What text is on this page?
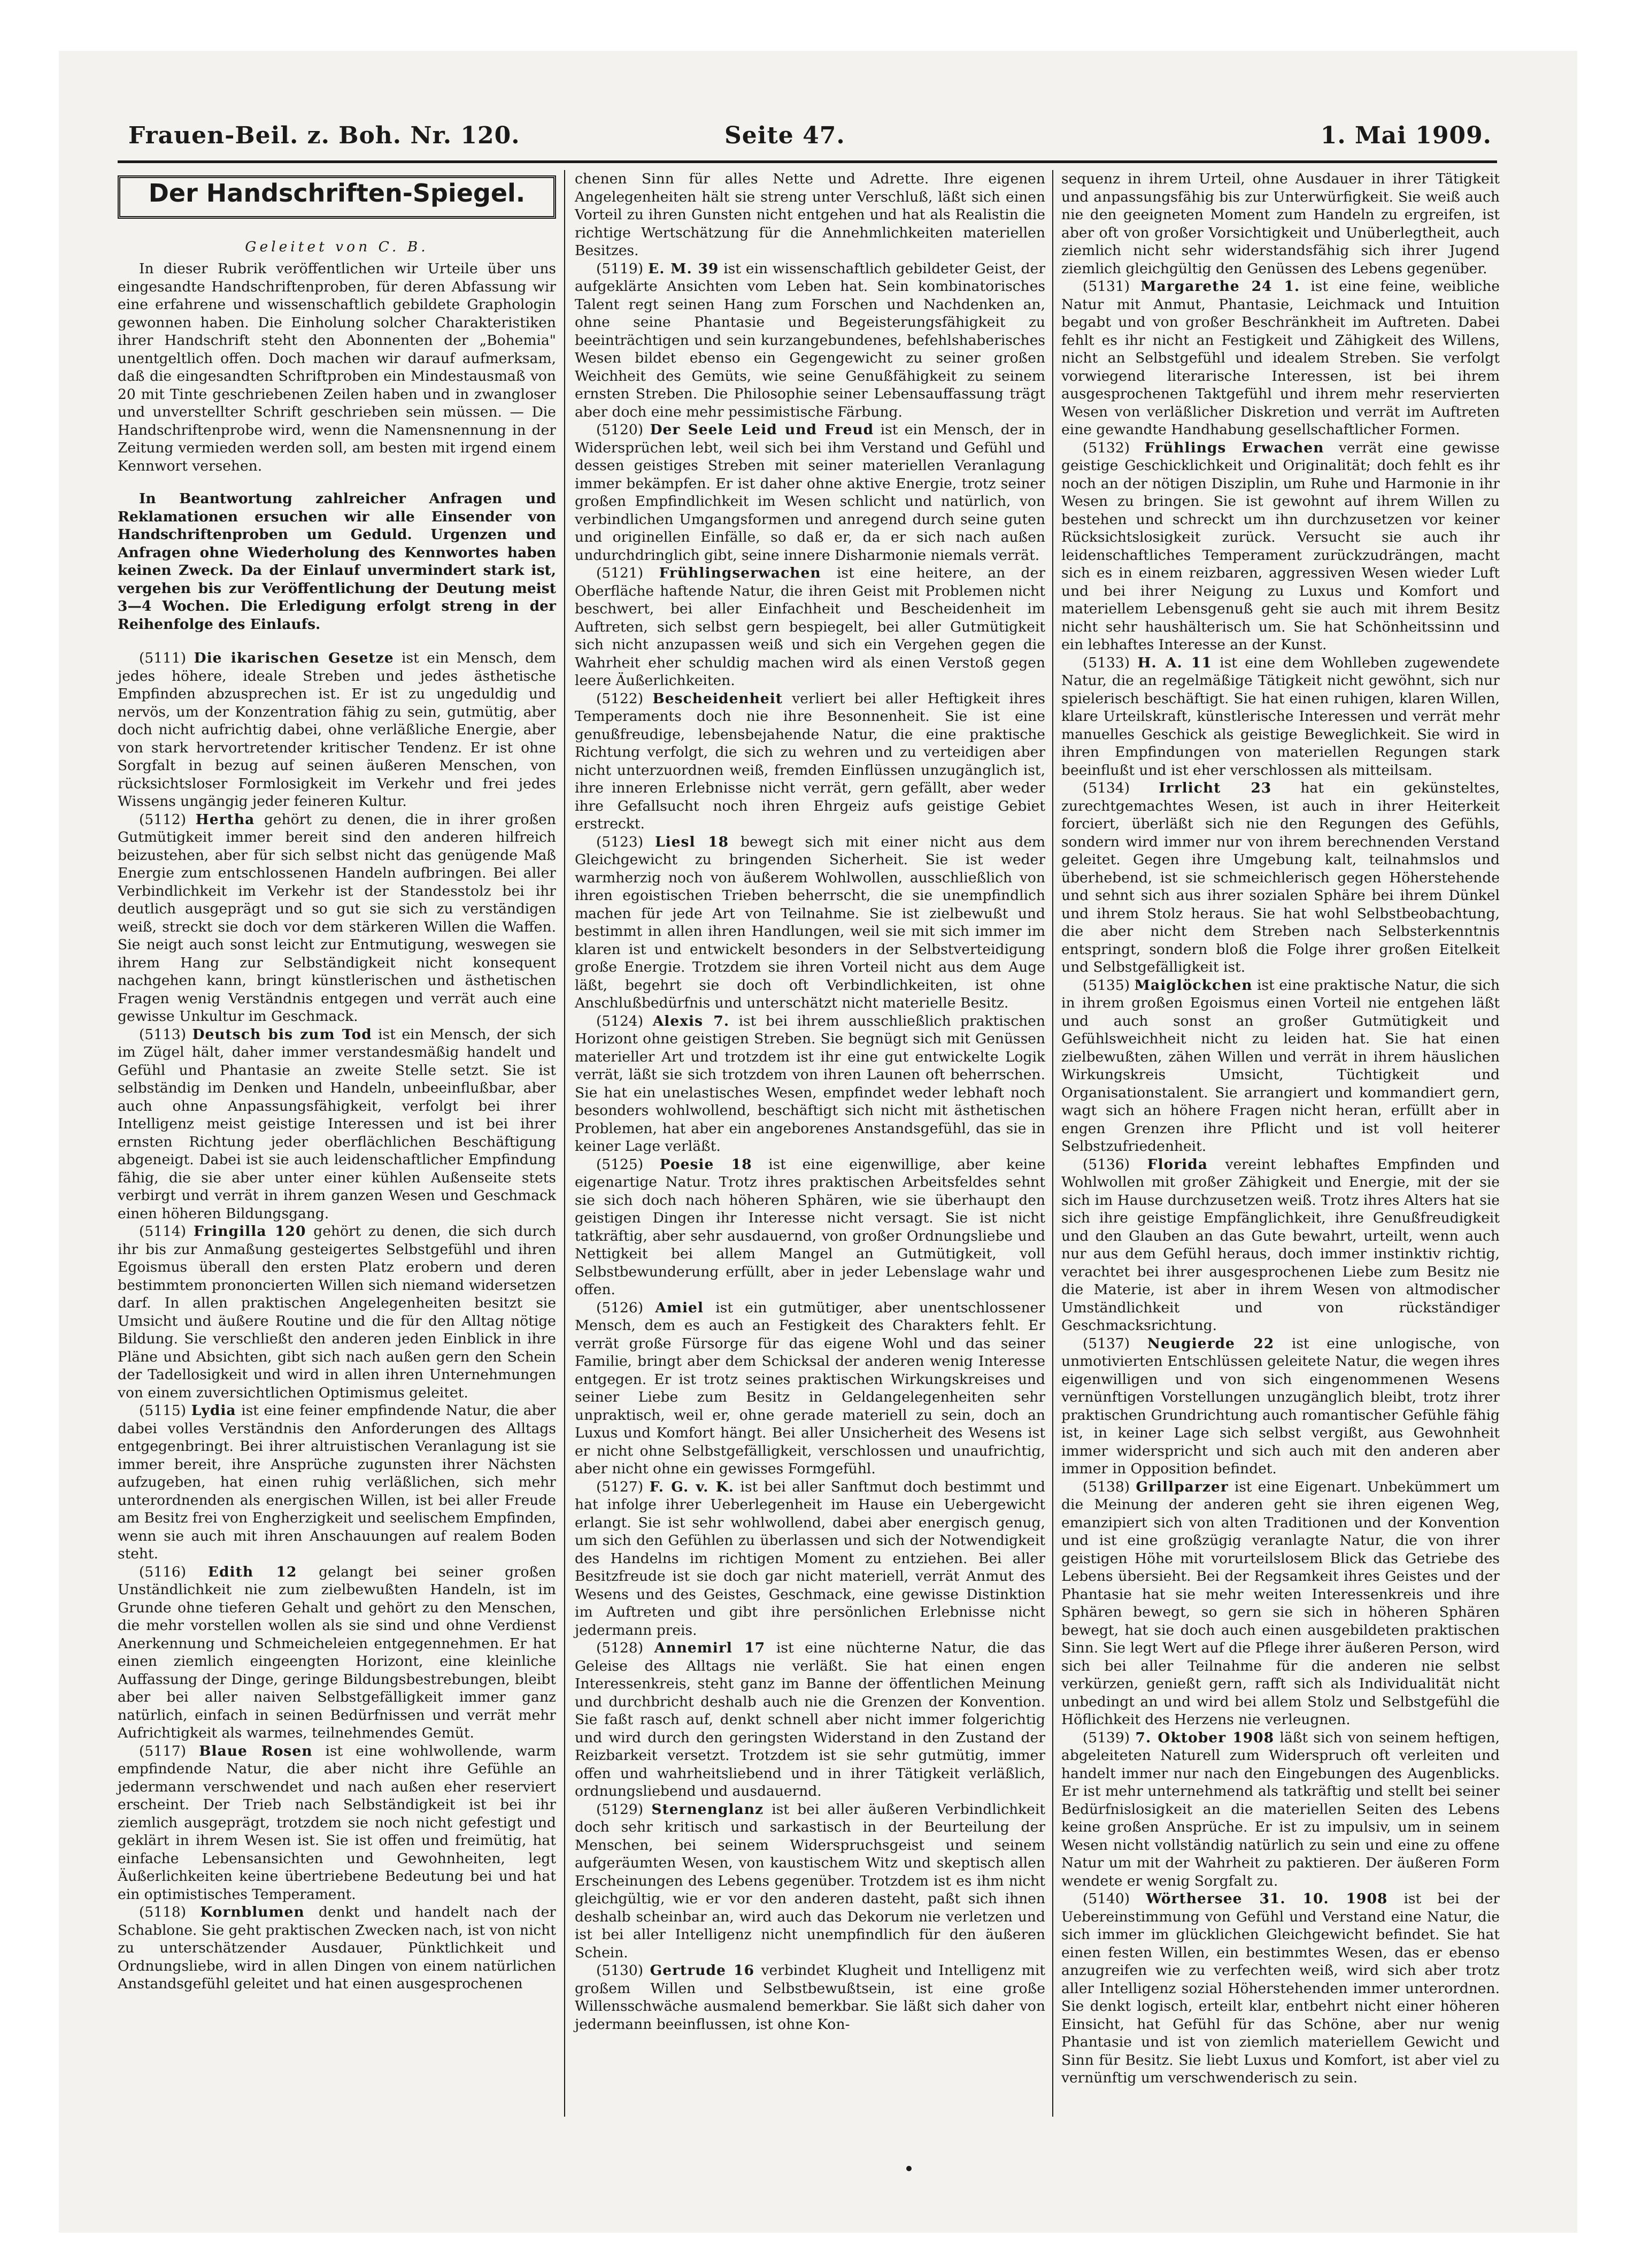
Frauen-Beil. z. Boh. Nr. 120.	Seite 47.	1. Mai 1909.
Der Handschriften-Spiegel.

Geleitet von C. B.

In dieser Rubrik veröffentlichen wir Urteile über uns eingesandte Handschriftenproben, für deren Abfassung wir eine erfahrene und wissenschaftlich gebildete Graphologin gewonnen haben. Die Einholung solcher Charakteristiken ihrer Handschrift steht den Abonnenten der „Bohemia" unentgeltlich offen. Doch machen wir darauf aufmerksam, daß die eingesandten Schriftproben ein Mindestausmaß von 20 mit Tinte geschriebenen Zeilen haben und in zwangloser und unverstellter Schrift geschrieben sein müssen. — Die Handschriftenprobe wird, wenn die Namensnennung in der Zeitung vermieden werden soll, am besten mit irgend einem Kennwort versehen.

In Beantwortung zahlreicher Anfragen und Reklamationen ersuchen wir alle Einsender von Handschriftenproben um Geduld. Urgenzen und Anfragen ohne Wiederholung des Kennwortes haben keinen Zweck. Da der Einlauf unvermindert stark ist, vergehen bis zur Veröffentlichung der Deutung meist 3—4 Wochen. Die Erledigung erfolgt streng in der Reihenfolge des Einlaufs.

(5111) Die ikarischen Gesetze ist ein Mensch, dem jedes höhere, ideale Streben und jedes ästhetische Empfinden abzusprechen ist. Er ist zu ungeduldig und nervös, um der Konzentration fähig zu sein, gutmütig, aber doch nicht aufrichtig dabei, ohne verläßliche Energie, aber von stark hervortretender kritischer Tendenz. Er ist ohne Sorgfalt in bezug auf seinen äußeren Menschen, von rücksichtsloser Formlosigkeit im Verkehr und frei jedes Wissens ungängig jeder feineren Kultur.

(5112) Hertha gehört zu denen, die in ihrer großen Gutmütigkeit immer bereit sind den anderen hilfreich beizustehen, aber für sich selbst nicht das genügende Maß Energie zum entschlossenen Handeln aufbringen. Bei aller Verbindlichkeit im Verkehr ist der Standesstolz bei ihr deutlich ausgeprägt und so gut sie sich zu verständigen weiß, streckt sie doch vor dem stärkeren Willen die Waffen. Sie neigt auch sonst leicht zur Entmutigung, weswegen sie ihrem Hang zur Selbständigkeit nicht konsequent nachgehen kann, bringt künstlerischen und ästhetischen Fragen wenig Verständnis entgegen und verrät auch eine gewisse Unkultur im Geschmack.

(5113) Deutsch bis zum Tod ist ein Mensch, der sich im Zügel hält, daher immer verstandesmäßig handelt und Gefühl und Phantasie an zweite Stelle setzt. Sie ist selbständig im Denken und Handeln, unbeeinflußbar, aber auch ohne Anpassungsfähigkeit, verfolgt bei ihrer Intelligenz meist geistige Interessen und ist bei ihrer ernsten Richtung jeder oberflächlichen Beschäftigung abgeneigt. Dabei ist sie auch leidenschaftlicher Empfindung fähig, die sie aber unter einer kühlen Außenseite stets verbirgt und verrät in ihrem ganzen Wesen und Geschmack einen höheren Bildungsgang.

(5114) Fringilla 120 gehört zu denen, die sich durch ihr bis zur Anmaßung gesteigertes Selbstgefühl und ihren Egoismus überall den ersten Platz erobern und deren bestimmtem prononcierten Willen sich niemand widersetzen darf. In allen praktischen Angelegenheiten besitzt sie Umsicht und äußere Routine und die für den Alltag nötige Bildung. Sie verschließt den anderen jeden Einblick in ihre Pläne und Absichten, gibt sich nach außen gern den Schein der Tadellosigkeit und wird in allen ihren Unternehmungen von einem zuversichtlichen Optimismus geleitet.

(5115) Lydia ist eine feiner empfindende Natur, die aber dabei volles Verständnis den Anforderungen des Alltags entgegenbringt. Bei ihrer altruistischen Veranlagung ist sie immer bereit, ihre Ansprüche zugunsten ihrer Nächsten aufzugeben, hat einen ruhig verläßlichen, sich mehr unterordnenden als energischen Willen, ist bei aller Freude am Besitz frei von Engherzigkeit und seelischem Empfinden, wenn sie auch mit ihren Anschauungen auf realem Boden steht.

(5116) Edith 12 gelangt bei seiner großen Unständlichkeit nie zum zielbewußten Handeln, ist im Grunde ohne tieferen Gehalt und gehört zu den Menschen, die mehr vorstellen wollen als sie sind und ohne Verdienst Anerkennung und Schmeicheleien entgegennehmen. Er hat einen ziemlich eingeengten Horizont, eine kleinliche Auffassung der Dinge, geringe Bildungsbestrebungen, bleibt aber bei aller naiven Selbstgefälligkeit immer ganz natürlich, einfach in seinen Bedürfnissen und verrät mehr Aufrichtigkeit als warmes, teilnehmendes Gemüt.

(5117) Blaue Rosen ist eine wohlwollende, warm empfindende Natur, die aber nicht ihre Gefühle an jedermann verschwendet und nach außen eher reserviert erscheint. Der Trieb nach Selbständigkeit ist bei ihr ziemlich ausgeprägt, trotzdem sie noch nicht gefestigt und geklärt in ihrem Wesen ist. Sie ist offen und freimütig, hat einfache Lebensansichten und Gewohnheiten, legt Äußerlichkeiten keine übertriebene Bedeutung bei und hat ein optimistisches Temperament.

(5118) Kornblumen denkt und handelt nach der Schablone. Sie geht praktischen Zwecken nach, ist von nicht zu unterschätzender Ausdauer, Pünktlichkeit und Ordnungsliebe, wird in allen Dingen von einem natürlichen Anstandsgefühl geleitet und hat einen ausgesprochenen

chenen Sinn für alles Nette und Adrette. Ihre eigenen Angelegenheiten hält sie streng unter Verschluß, läßt sich einen Vorteil zu ihren Gunsten nicht entgehen und hat als Realistin die richtige Wertschätzung für die Annehmlichkeiten materiellen Besitzes.

(5119) E. M. 39 ist ein wissenschaftlich gebildeter Geist, der aufgeklärte Ansichten vom Leben hat. Sein kombinatorisches Talent regt seinen Hang zum Forschen und Nachdenken an, ohne seine Phantasie und Begeisterungsfähigkeit zu beeinträchtigen und sein kurzangebundenes, befehlshaberisches Wesen bildet ebenso ein Gegengewicht zu seiner großen Weichheit des Gemüts, wie seine Genußfähigkeit zu seinem ernsten Streben. Die Philosophie seiner Lebensauffassung trägt aber doch eine mehr pessimistische Färbung.

(5120) Der Seele Leid und Freud ist ein Mensch, der in Widersprüchen lebt, weil sich bei ihm Verstand und Gefühl und dessen geistiges Streben mit seiner materiellen Veranlagung immer bekämpfen. Er ist daher ohne aktive Energie, trotz seiner großen Empfindlichkeit im Wesen schlicht und natürlich, von verbindlichen Umgangsformen und anregend durch seine guten und originellen Einfälle, so daß er, da er sich nach außen undurchdringlich gibt, seine innere Disharmonie niemals verrät.

(5121) Frühlingserwachen ist eine heitere, an der Oberfläche haftende Natur, die ihren Geist mit Problemen nicht beschwert, bei aller Einfachheit und Bescheidenheit im Auftreten, sich selbst gern bespiegelt, bei aller Gutmütigkeit sich nicht anzupassen weiß und sich ein Vergehen gegen die Wahrheit eher schuldig machen wird als einen Verstoß gegen leere Äußerlichkeiten.

(5122) Bescheidenheit verliert bei aller Heftigkeit ihres Temperaments doch nie ihre Besonnenheit. Sie ist eine genußfreudige, lebensbejahende Natur, die eine praktische Richtung verfolgt, die sich zu wehren und zu verteidigen aber nicht unterzuordnen weiß, fremden Einflüssen unzugänglich ist, ihre inneren Erlebnisse nicht verrät, gern gefällt, aber weder ihre Gefallsucht noch ihren Ehrgeiz aufs geistige Gebiet erstreckt.

(5123) Liesl 18 bewegt sich mit einer nicht aus dem Gleichgewicht zu bringenden Sicherheit. Sie ist weder warmherzig noch von äußerem Wohlwollen, ausschließlich von ihren egoistischen Trieben beherrscht, die sie unempfindlich machen für jede Art von Teilnahme. Sie ist zielbewußt und bestimmt in allen ihren Handlungen, weil sie mit sich immer im klaren ist und entwickelt besonders in der Selbstverteidigung große Energie. Trotzdem sie ihren Vorteil nicht aus dem Auge läßt, begehrt sie doch oft Verbindlichkeiten, ist ohne Anschlußbedürfnis und unterschätzt nicht materielle Besitz.

(5124) Alexis 7. ist bei ihrem ausschließlich praktischen Horizont ohne geistigen Streben. Sie begnügt sich mit Genüssen materieller Art und trotzdem ist ihr eine gut entwickelte Logik verrät, läßt sie sich trotzdem von ihren Launen oft beherrschen. Sie hat ein unelastisches Wesen, empfindet weder lebhaft noch besonders wohlwollend, beschäftigt sich nicht mit ästhetischen Problemen, hat aber ein angeborenes Anstandsgefühl, das sie in keiner Lage verläßt.

(5125) Poesie 18 ist eine eigenwillige, aber keine eigenartige Natur. Trotz ihres praktischen Arbeitsfeldes sehnt sie sich doch nach höheren Sphären, wie sie überhaupt den geistigen Dingen ihr Interesse nicht versagt. Sie ist nicht tatkräftig, aber sehr ausdauernd, von großer Ordnungsliebe und Nettigkeit bei allem Mangel an Gutmütigkeit, voll Selbstbewunderung erfüllt, aber in jeder Lebenslage wahr und offen.

(5126) Amiel ist ein gutmütiger, aber unentschlossener Mensch, dem es auch an Festigkeit des Charakters fehlt. Er verrät große Fürsorge für das eigene Wohl und das seiner Familie, bringt aber dem Schicksal der anderen wenig Interesse entgegen. Er ist trotz seines praktischen Wirkungskreises und seiner Liebe zum Besitz in Geldangelegenheiten sehr unpraktisch, weil er, ohne gerade materiell zu sein, doch an Luxus und Komfort hängt. Bei aller Unsicherheit des Wesens ist er nicht ohne Selbstgefälligkeit, verschlossen und unaufrichtig, aber nicht ohne ein gewisses Formgefühl.

(5127) F. G. v. K. ist bei aller Sanftmut doch bestimmt und hat infolge ihrer Ueberlegenheit im Hause ein Uebergewicht erlangt. Sie ist sehr wohlwollend, dabei aber energisch genug, um sich den Gefühlen zu überlassen und sich der Notwendigkeit des Handelns im richtigen Moment zu entziehen. Bei aller Besitzfreude ist sie doch gar nicht materiell, verrät Anmut des Wesens und des Geistes, Geschmack, eine gewisse Distinktion im Auftreten und gibt ihre persönlichen Erlebnisse nicht jedermann preis.

(5128) Annemirl 17 ist eine nüchterne Natur, die das Geleise des Alltags nie verläßt. Sie hat einen engen Interessenkreis, steht ganz im Banne der öffentlichen Meinung und durchbricht deshalb auch nie die Grenzen der Konvention. Sie faßt rasch auf, denkt schnell aber nicht immer folgerichtig und wird durch den geringsten Widerstand in den Zustand der Reizbarkeit versetzt. Trotzdem ist sie sehr gutmütig, immer offen und wahrheitsliebend und in ihrer Tätigkeit verläßlich, ordnungsliebend und ausdauernd.

(5129) Sternenglanz ist bei aller äußeren Verbindlichkeit doch sehr kritisch und sarkastisch in der Beurteilung der Menschen, bei seinem Widerspruchsgeist und seinem aufgeräumten Wesen, von kaustischem Witz und skeptisch allen Erscheinungen des Lebens gegenüber. Trotzdem ist es ihm nicht gleichgültig, wie er vor den anderen dasteht, paßt sich ihnen deshalb scheinbar an, wird auch das Dekorum nie verletzen und ist bei aller Intelligenz nicht unempfindlich für den äußeren Schein.

(5130) Gertrude 16 verbindet Klugheit und Intelligenz mit großem Willen und Selbstbewußtsein, ist eine große Willensschwäche ausmalend bemerkbar. Sie läßt sich daher von jedermann beeinflussen, ist ohne Kon-

sequenz in ihrem Urteil, ohne Ausdauer in ihrer Tätigkeit und anpassungsfähig bis zur Unterwürfigkeit. Sie weiß auch nie den geeigneten Moment zum Handeln zu ergreifen, ist aber oft von großer Vorsichtigkeit und Unüberlegtheit, auch ziemlich nicht sehr widerstandsfähig sich ihrer Jugend ziemlich gleichgültig den Genüssen des Lebens gegenüber.

(5131) Margarethe 24 1. ist eine feine, weibliche Natur mit Anmut, Phantasie, Leichmack und Intuition begabt und von großer Beschränkheit im Auftreten. Dabei fehlt es ihr nicht an Festigkeit und Zähigkeit des Willens, nicht an Selbstgefühl und idealem Streben. Sie verfolgt vorwiegend literarische Interessen, ist bei ihrem ausgesprochenen Taktgefühl und ihrem mehr reservierten Wesen von verläßlicher Diskretion und verrät im Auftreten eine gewandte Handhabung gesellschaftlicher Formen.

(5132) Frühlings Erwachen verrät eine gewisse geistige Geschicklichkeit und Originalität; doch fehlt es ihr noch an der nötigen Disziplin, um Ruhe und Harmonie in ihr Wesen zu bringen. Sie ist gewohnt auf ihrem Willen zu bestehen und schreckt um ihn durchzusetzen vor keiner Rücksichtslosigkeit zurück. Versucht sie auch ihr leidenschaftliches Temperament zurückzudrängen, macht sich es in einem reizbaren, aggressiven Wesen wieder Luft und bei ihrer Neigung zu Luxus und Komfort und materiellem Lebensgenuß geht sie auch mit ihrem Besitz nicht sehr haushälterisch um. Sie hat Schönheitssinn und ein lebhaftes Interesse an der Kunst.

(5133) H. A. 11 ist eine dem Wohlleben zugewendete Natur, die an regelmäßige Tätigkeit nicht gewöhnt, sich nur spielerisch beschäftigt. Sie hat einen ruhigen, klaren Willen, klare Urteilskraft, künstlerische Interessen und verrät mehr manuelles Geschick als geistige Beweglichkeit. Sie wird in ihren Empfindungen von materiellen Regungen stark beeinflußt und ist eher verschlossen als mitteilsam.

(5134) Irrlicht 23 hat ein gekünsteltes, zurechtgemachtes Wesen, ist auch in ihrer Heiterkeit forciert, überläßt sich nie den Regungen des Gefühls, sondern wird immer nur von ihrem berechnenden Verstand geleitet. Gegen ihre Umgebung kalt, teilnahmslos und überhebend, ist sie schmeichlerisch gegen Höherstehende und sehnt sich aus ihrer sozialen Sphäre bei ihrem Dünkel und ihrem Stolz heraus. Sie hat wohl Selbstbeobachtung, die aber nicht dem Streben nach Selbsterkenntnis entspringt, sondern bloß die Folge ihrer großen Eitelkeit und Selbstgefälligkeit ist.

(5135) Maiglöckchen ist eine praktische Natur, die sich in ihrem großen Egoismus einen Vorteil nie entgehen läßt und auch sonst an großer Gutmütigkeit und Gefühlsweichheit nicht zu leiden hat. Sie hat einen zielbewußten, zähen Willen und verrät in ihrem häuslichen Wirkungskreis Umsicht, Tüchtigkeit und Organisationstalent. Sie arrangiert und kommandiert gern, wagt sich an höhere Fragen nicht heran, erfüllt aber in engen Grenzen ihre Pflicht und ist voll heiterer Selbstzufriedenheit.

(5136) Florida vereint lebhaftes Empfinden und Wohlwollen mit großer Zähigkeit und Energie, mit der sie sich im Hause durchzusetzen weiß. Trotz ihres Alters hat sie sich ihre geistige Empfänglichkeit, ihre Genußfreudigkeit und den Glauben an das Gute bewahrt, urteilt, wenn auch nur aus dem Gefühl heraus, doch immer instinktiv richtig, verachtet bei ihrer ausgesprochenen Liebe zum Besitz nie die Materie, ist aber in ihrem Wesen von altmodischer Umständlichkeit und von rückständiger Geschmacksrichtung.

(5137) Neugierde 22 ist eine unlogische, von unmotivierten Entschlüssen geleitete Natur, die wegen ihres eigenwilligen und von sich eingenommenen Wesens vernünftigen Vorstellungen unzugänglich bleibt, trotz ihrer praktischen Grundrichtung auch romantischer Gefühle fähig ist, in keiner Lage sich selbst vergißt, aus Gewohnheit immer widerspricht und sich auch mit den anderen aber immer in Opposition befindet.

(5138) Grillparzer ist eine Eigenart. Unbekümmert um die Meinung der anderen geht sie ihren eigenen Weg, emanzipiert sich von alten Traditionen und der Konvention und ist eine großzügig veranlagte Natur, die von ihrer geistigen Höhe mit vorurteilslosem Blick das Getriebe des Lebens übersieht. Bei der Regsamkeit ihres Geistes und der Phantasie hat sie mehr weiten Interessenkreis und ihre Sphären bewegt, so gern sie sich in höheren Sphären bewegt, hat sie doch auch einen ausgebildeten praktischen Sinn. Sie legt Wert auf die Pflege ihrer äußeren Person, wird sich bei aller Teilnahme für die anderen nie selbst verkürzen, genießt gern, rafft sich als Individualität nicht unbedingt an und wird bei allem Stolz und Selbstgefühl die Höflichkeit des Herzens nie verleugnen.

(5139) 7. Oktober 1908 läßt sich von seinem heftigen, abgeleiteten Naturell zum Widerspruch oft verleiten und handelt immer nur nach den Eingebungen des Augenblicks. Er ist mehr unternehmend als tatkräftig und stellt bei seiner Bedürfnislosigkeit an die materiellen Seiten des Lebens keine großen Ansprüche. Er ist zu impulsiv, um in seinem Wesen nicht vollständig natürlich zu sein und eine zu offene Natur um mit der Wahrheit zu paktieren. Der äußeren Form wendete er wenig Sorgfalt zu.

(5140) Wörthersee 31. 10. 1908 ist bei der Uebereinstimmung von Gefühl und Verstand eine Natur, die sich immer im glücklichen Gleichgewicht befindet. Sie hat einen festen Willen, ein bestimmtes Wesen, das er ebenso anzugreifen wie zu verfechten weiß, wird sich aber trotz aller Intelligenz sozial Höherstehenden immer unterordnen. Sie denkt logisch, erteilt klar, entbehrt nicht einer höheren Einsicht, hat Gefühl für das Schöne, aber nur wenig Phantasie und ist von ziemlich materiellem Gewicht und Sinn für Besitz. Sie liebt Luxus und Komfort, ist aber viel zu vernünftig um verschwenderisch zu sein.
